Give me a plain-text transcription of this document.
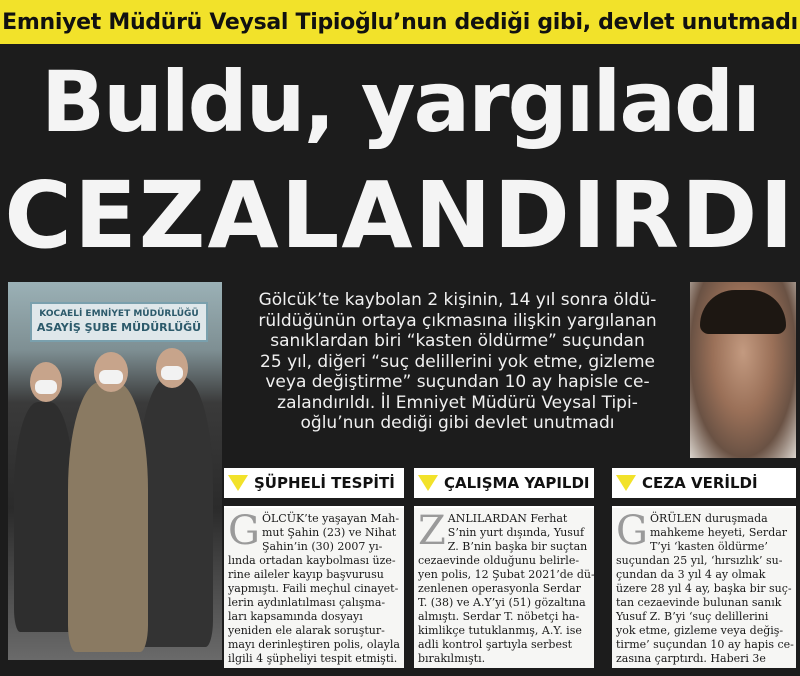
Emniyet Müdürü Veysal Tipioğlu’nun dediği gibi, devlet unutmadı
Buldu, yargıladı
CEZALANDIRDI
KOCAELİ EMNİYET MÜDÜRLÜĞÜ
ASAYİŞ ŞUBE MÜDÜRLÜĞÜ
Gölcük’te kaybolan 2 kişinin, 14 yıl sonra öldü-
rüldüğünün ortaya çıkmasına ilişkin yargılanan
sanıklardan biri “kasten öldürme” suçundan
25 yıl, diğeri “suç delillerini yok etme, gizleme
veya değiştirme” suçundan 10 ay hapisle ce-
zalandırıldı. İl Emniyet Müdürü Veysal Tipi-
oğlu’nun dediği gibi devlet unutmadı
ŞÜPHELİ TESPİTİ
G ÖLCÜK’te yaşayan Mah-
mut Şahin (23) ve Nihat
Şahin’in (30) 2007 yı-
lında ortadan kaybolması üze-
rine aileler kayıp başvurusu
yapmıştı. Faili meçhul cinayet-
lerin aydınlatılması çalışma-
ları kapsamında dosyayı
yeniden ele alarak soruştur-
mayı derinleştiren polis, olayla
ilgili 4 şüpheliyi tespit etmişti.
ÇALIŞMA YAPILDI
Z ANLILARDAN Ferhat
S’nin yurt dışında, Yusuf
Z. B’nin başka bir suçtan
cezaevinde olduğunu belirle-
yen polis, 12 Şubat 2021’de dü-
zenlenen operasyonla Serdar
T. (38) ve A.Y’yi (51) gözaltına
almıştı. Serdar T. nöbetçi ha-
kimlikçe tutuklanmış, A.Y. ise
adli kontrol şartıyla serbest
bırakılmıştı.
CEZA VERİLDİ
G ÖRÜLEN duruşmada
mahkeme heyeti, Serdar
T’yi ‘kasten öldürme’
suçundan 25 yıl, ‘hırsızlık’ su-
çundan da 3 yıl 4 ay olmak
üzere 28 yıl 4 ay, başka bir suç-
tan cezaevinde bulunan sanık
Yusuf Z. B’yi ‘suç delillerini
yok etme, gizleme veya değiş-
tirme’ suçundan 10 ay hapis ce-
zasına çarptırdı. Haberi 3e
